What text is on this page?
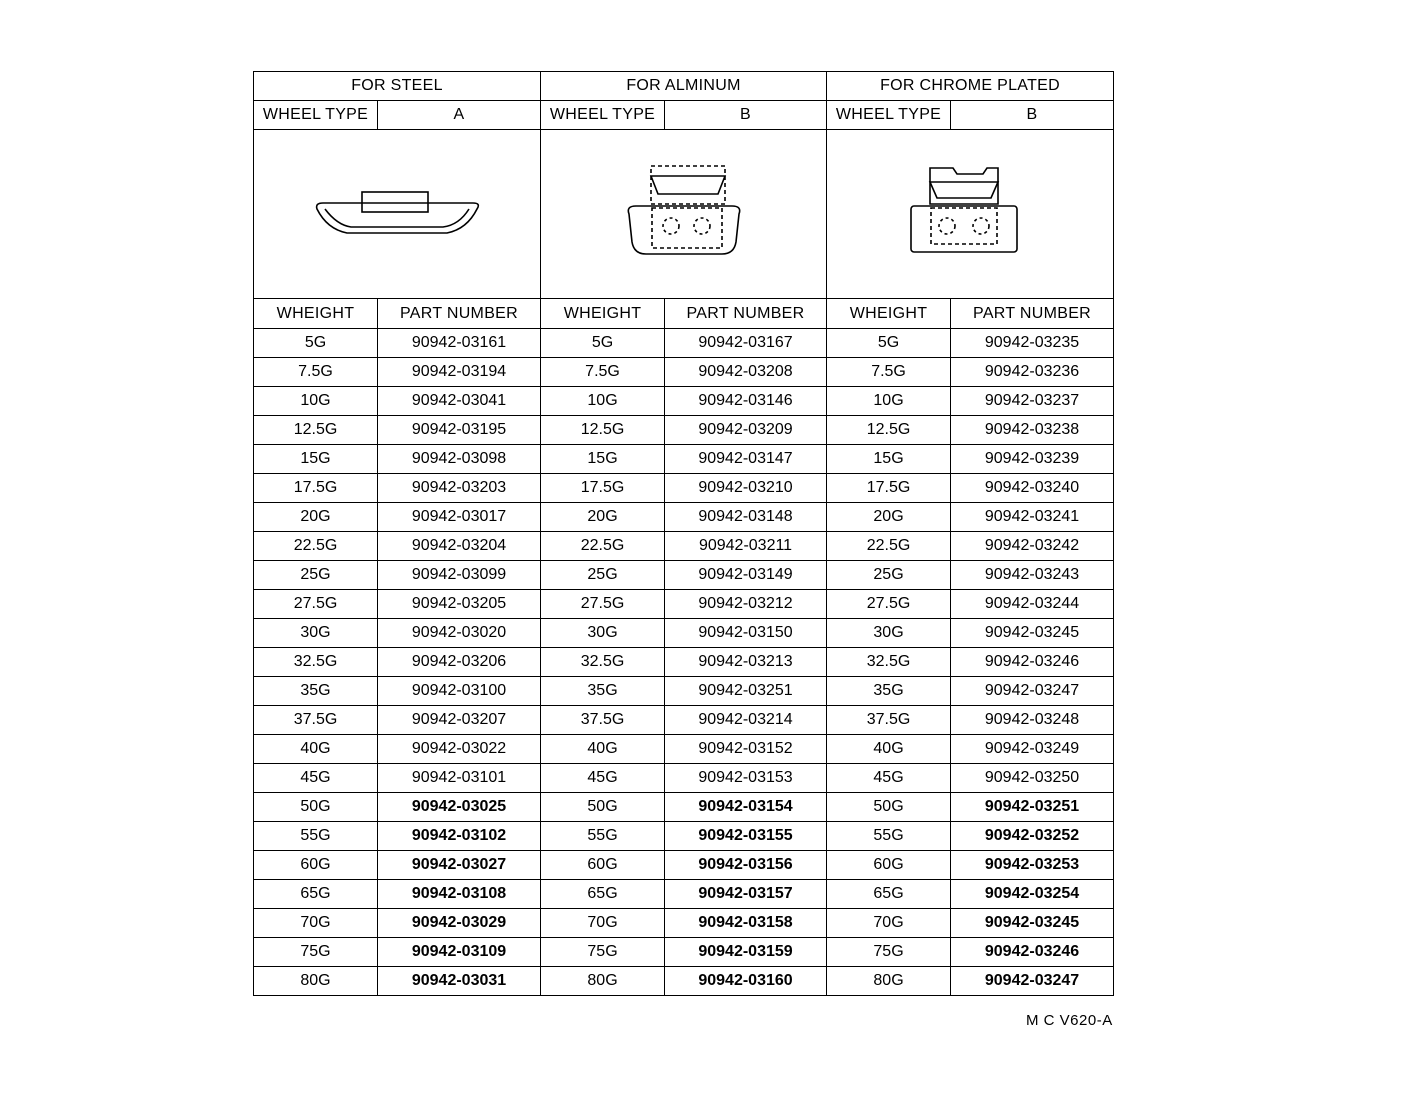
FOR STEEL		FOR ALMINUM		FOR CHROME PLATED	
WHEEL TYPE	A	WHEEL TYPE	B	WHEEL TYPE	B

WHEIGHT	PART NUMBER	WHEIGHT	PART NUMBER	WHEIGHT	PART NUMBER
5G	90942-03161	5G	90942-03167	5G	90942-03235
7.5G	90942-03194	7.5G	90942-03208	7.5G	90942-03236
10G	90942-03041	10G	90942-03146	10G	90942-03237
12.5G	90942-03195	12.5G	90942-03209	12.5G	90942-03238
15G	90942-03098	15G	90942-03147	15G	90942-03239
17.5G	90942-03203	17.5G	90942-03210	17.5G	90942-03240
20G	90942-03017	20G	90942-03148	20G	90942-03241
22.5G	90942-03204	22.5G	90942-03211	22.5G	90942-03242
25G	90942-03099	25G	90942-03149	25G	90942-03243
27.5G	90942-03205	27.5G	90942-03212	27.5G	90942-03244
30G	90942-03020	30G	90942-03150	30G	90942-03245
32.5G	90942-03206	32.5G	90942-03213	32.5G	90942-03246
35G	90942-03100	35G	90942-03251	35G	90942-03247
37.5G	90942-03207	37.5G	90942-03214	37.5G	90942-03248
40G	90942-03022	40G	90942-03152	40G	90942-03249
45G	90942-03101	45G	90942-03153	45G	90942-03250
50G	90942-03025	50G	90942-03154	50G	90942-03251
55G	90942-03102	55G	90942-03155	55G	90942-03252
60G	90942-03027	60G	90942-03156	60G	90942-03253
65G	90942-03108	65G	90942-03157	65G	90942-03254
70G	90942-03029	70G	90942-03158	70G	90942-03245
75G	90942-03109	75G	90942-03159	75G	90942-03246
80G	90942-03031	80G	90942-03160	80G	90942-03247
M C V620-A
